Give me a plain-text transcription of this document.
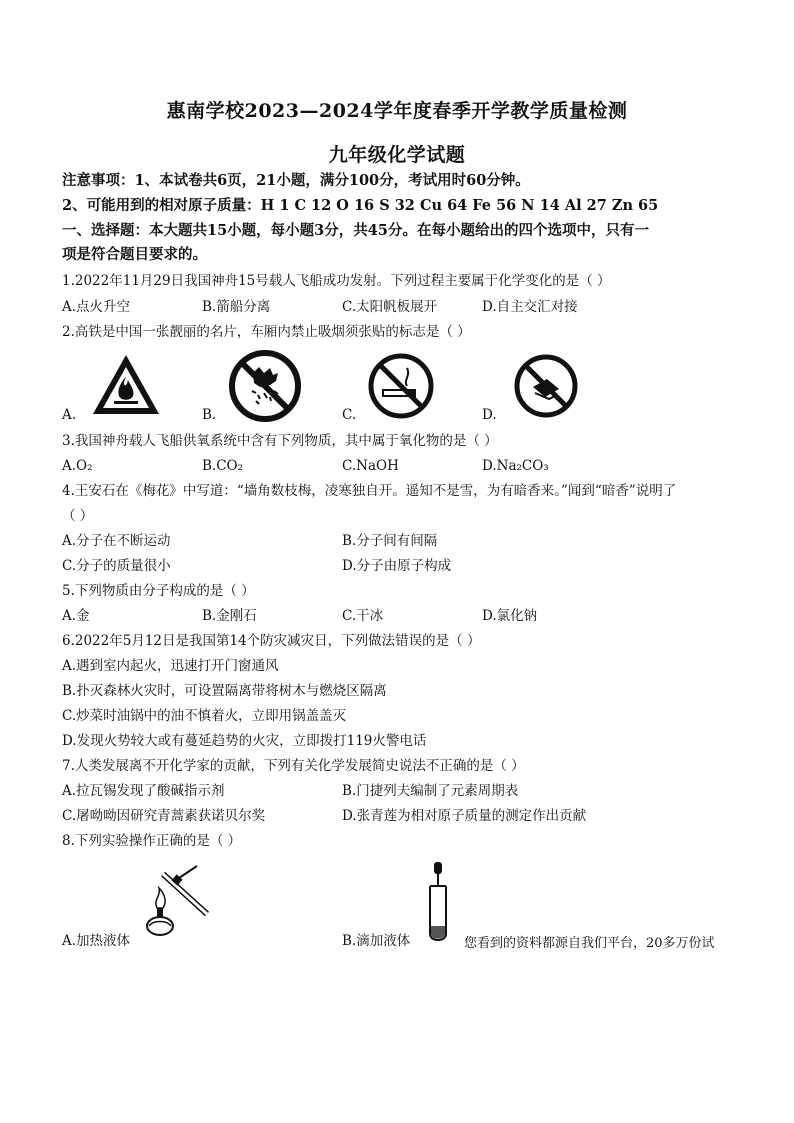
惠南学校2023—2024学年度春季开学教学质量检测
九年级化学试题
注意事项：1、本试卷共6页，21小题，满分100分，考试用时60分钟。
2、可能用到的相对原子质量：H 1 C 12 O 16 S 32 Cu 64 Fe 56 N 14 Al 27 Zn 65
一、选择题：本大题共15小题，每小题3分，共45分。在每小题给出的四个选项中，只有一
项是符合题目要求的。
1.2022年11月29日我国神舟15号载人飞船成功发射。下列过程主要属于化学变化的是（ ）
A.点火升空	B.箭船分离	C.太阳帆板展开	D.自主交汇对接
2.高铁是中国一张靓丽的名片，车厢内禁止吸烟须张贴的标志是（ ）
A.	B.	C.	D.
3.我国神舟载人飞船供氧系统中含有下列物质，其中属于氧化物的是（ ）
A.O₂	B.CO₂	C.NaOH	D.Na₂CO₃
4.王安石在《梅花》中写道：“墙角数枝梅，凌寒独自开。遥知不是雪，为有暗香来。”闻到“暗香”说明了
（ ）
A.分子在不断运动	B.分子间有间隔
C.分子的质量很小	D.分子由原子构成
5.下列物质由分子构成的是（ ）
A.金	B.金刚石	C.干冰	D.氯化钠
6.2022年5月12日是我国第14个防灾减灾日，下列做法错误的是（ ）
A.遇到室内起火，迅速打开门窗通风
B.扑灭森林火灾时，可设置隔离带将树木与燃烧区隔离
C.炒菜时油锅中的油不慎着火，立即用锅盖盖灭
D.发现火势较大或有蔓延趋势的火灾，立即拨打119火警电话
7.人类发展离不开化学家的贡献，下列有关化学发展简史说法不正确的是（ ）
A.拉瓦锡发现了酸碱指示剂	B.门捷列夫编制了元素周期表
C.屠呦呦因研究青蒿素获诺贝尔奖	D.张青莲为相对原子质量的测定作出贡献
8.下列实验操作正确的是（ ）
A.加热液体	B.滴加液体	您看到的资料都源自我们平台，20多万份试
